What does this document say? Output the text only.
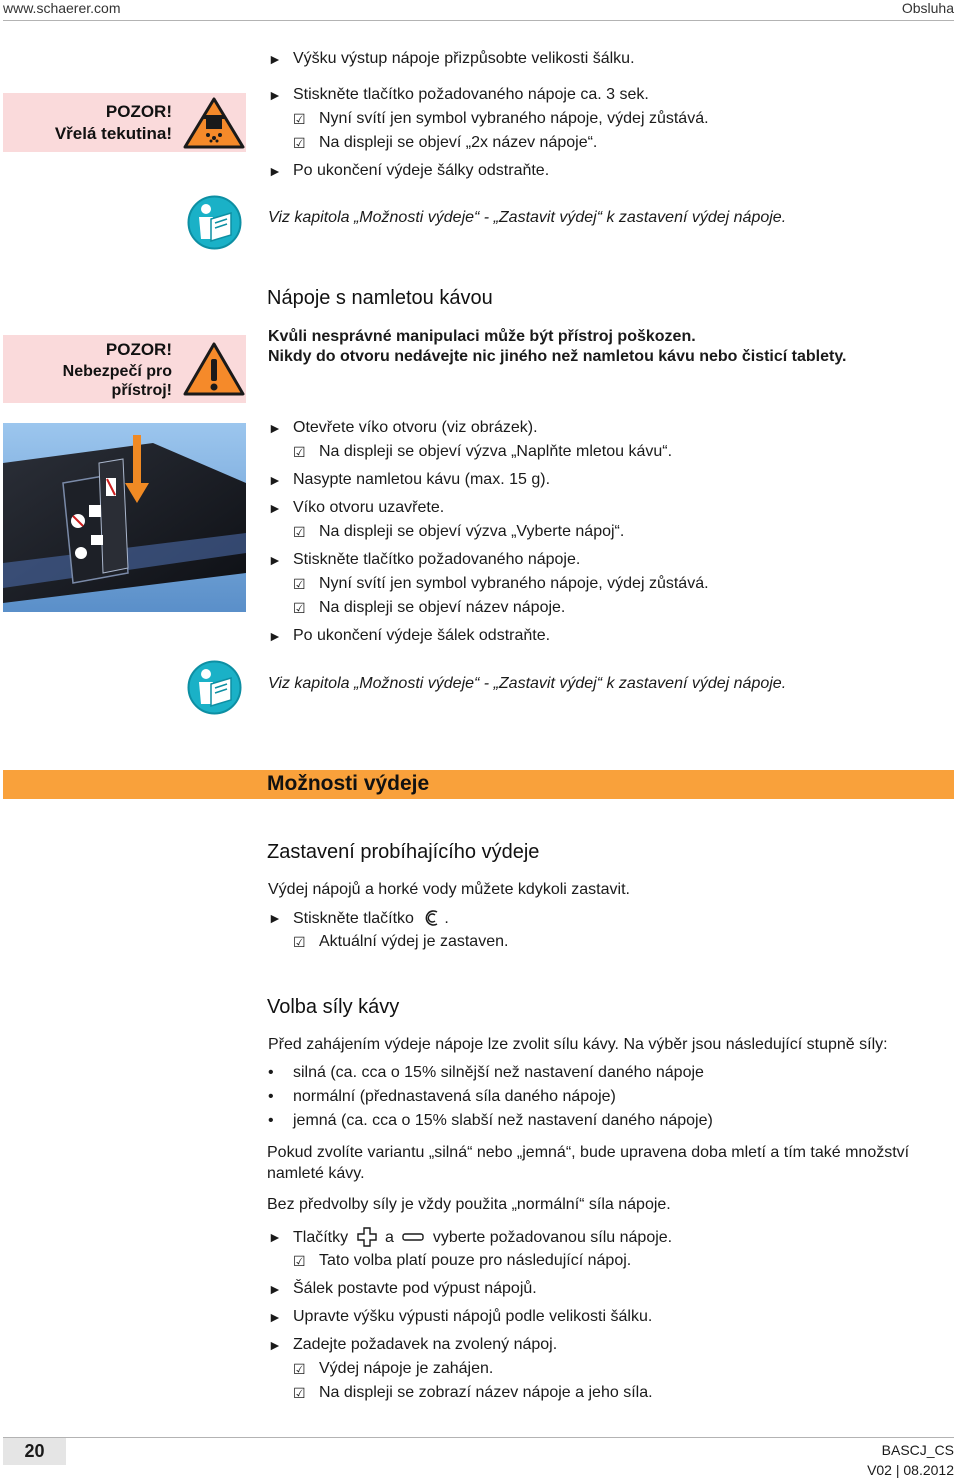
www.schaerer.com	Obsluha
POZOR!
Vřelá tekutina!
► Výšku výstup nápoje přizpůsobte velikosti šálku.
► Stiskněte tlačítko požadovaného nápoje ca. 3 sek.
☑ Nyní svítí jen symbol vybraného nápoje, výdej zůstává.
☑ Na displeji se objeví „2x název nápoje“.
► Po ukončení výdeje šálky odstraňte.
Viz kapitola „Možnosti výdeje“ - „Zastavit výdej“ k zastavení výdej nápoje.
Nápoje s namletou kávou
POZOR!
Nebezpečí pro
přístroj!
Kvůli nesprávné manipulaci může být přístroj poškozen.
Nikdy do otvoru nedávejte nic jiného než namletou kávu nebo čisticí tablety.
► Otevřete víko otvoru (viz obrázek).
☑ Na displeji se objeví výzva „Naplňte mletou kávu“.
► Nasypte namletou kávu (max. 15 g).
► Víko otvoru uzavřete.
☑ Na displeji se objeví výzva „Vyberte nápoj“.
► Stiskněte tlačítko požadovaného nápoje.
☑ Nyní svítí jen symbol vybraného nápoje, výdej zůstává.
☑ Na displeji se objeví název nápoje.
► Po ukončení výdeje šálek odstraňte.
Viz kapitola „Možnosti výdeje“ - „Zastavit výdej“ k zastavení výdej nápoje.
Možnosti výdeje
Zastavení probíhajícího výdeje
Výdej nápojů a horké vody můžete kdykoli zastavit.
► Stiskněte tlačítko .
☑ Aktuální výdej je zastaven.
Volba síly kávy
Před zahájením výdeje nápoje lze zvolit sílu kávy. Na výběr jsou následující stupně síly:
• silná (ca. cca o 15% silnější než nastavení daného nápoje
• normální (přednastavená síla daného nápoje)
• jemná (ca. cca o 15% slabší než nastavení daného nápoje)
Pokud zvolíte variantu „silná“ nebo „jemná“, bude upravena doba mletí a tím také množství
namleté kávy.
Bez předvolby síly je vždy použita „normální“ síla nápoje.
► Tlačítky a vyberte požadovanou sílu nápoje.
☑ Tato volba platí pouze pro následující nápoj.
► Šálek postavte pod výpust nápojů.
► Upravte výšku výpusti nápojů podle velikosti šálku.
► Zadejte požadavek na zvolený nápoj.
☑ Výdej nápoje je zahájen.
☑ Na displeji se zobrazí název nápoje a jeho síla.
20	BASCJ_CS
V02 | 08.2012
